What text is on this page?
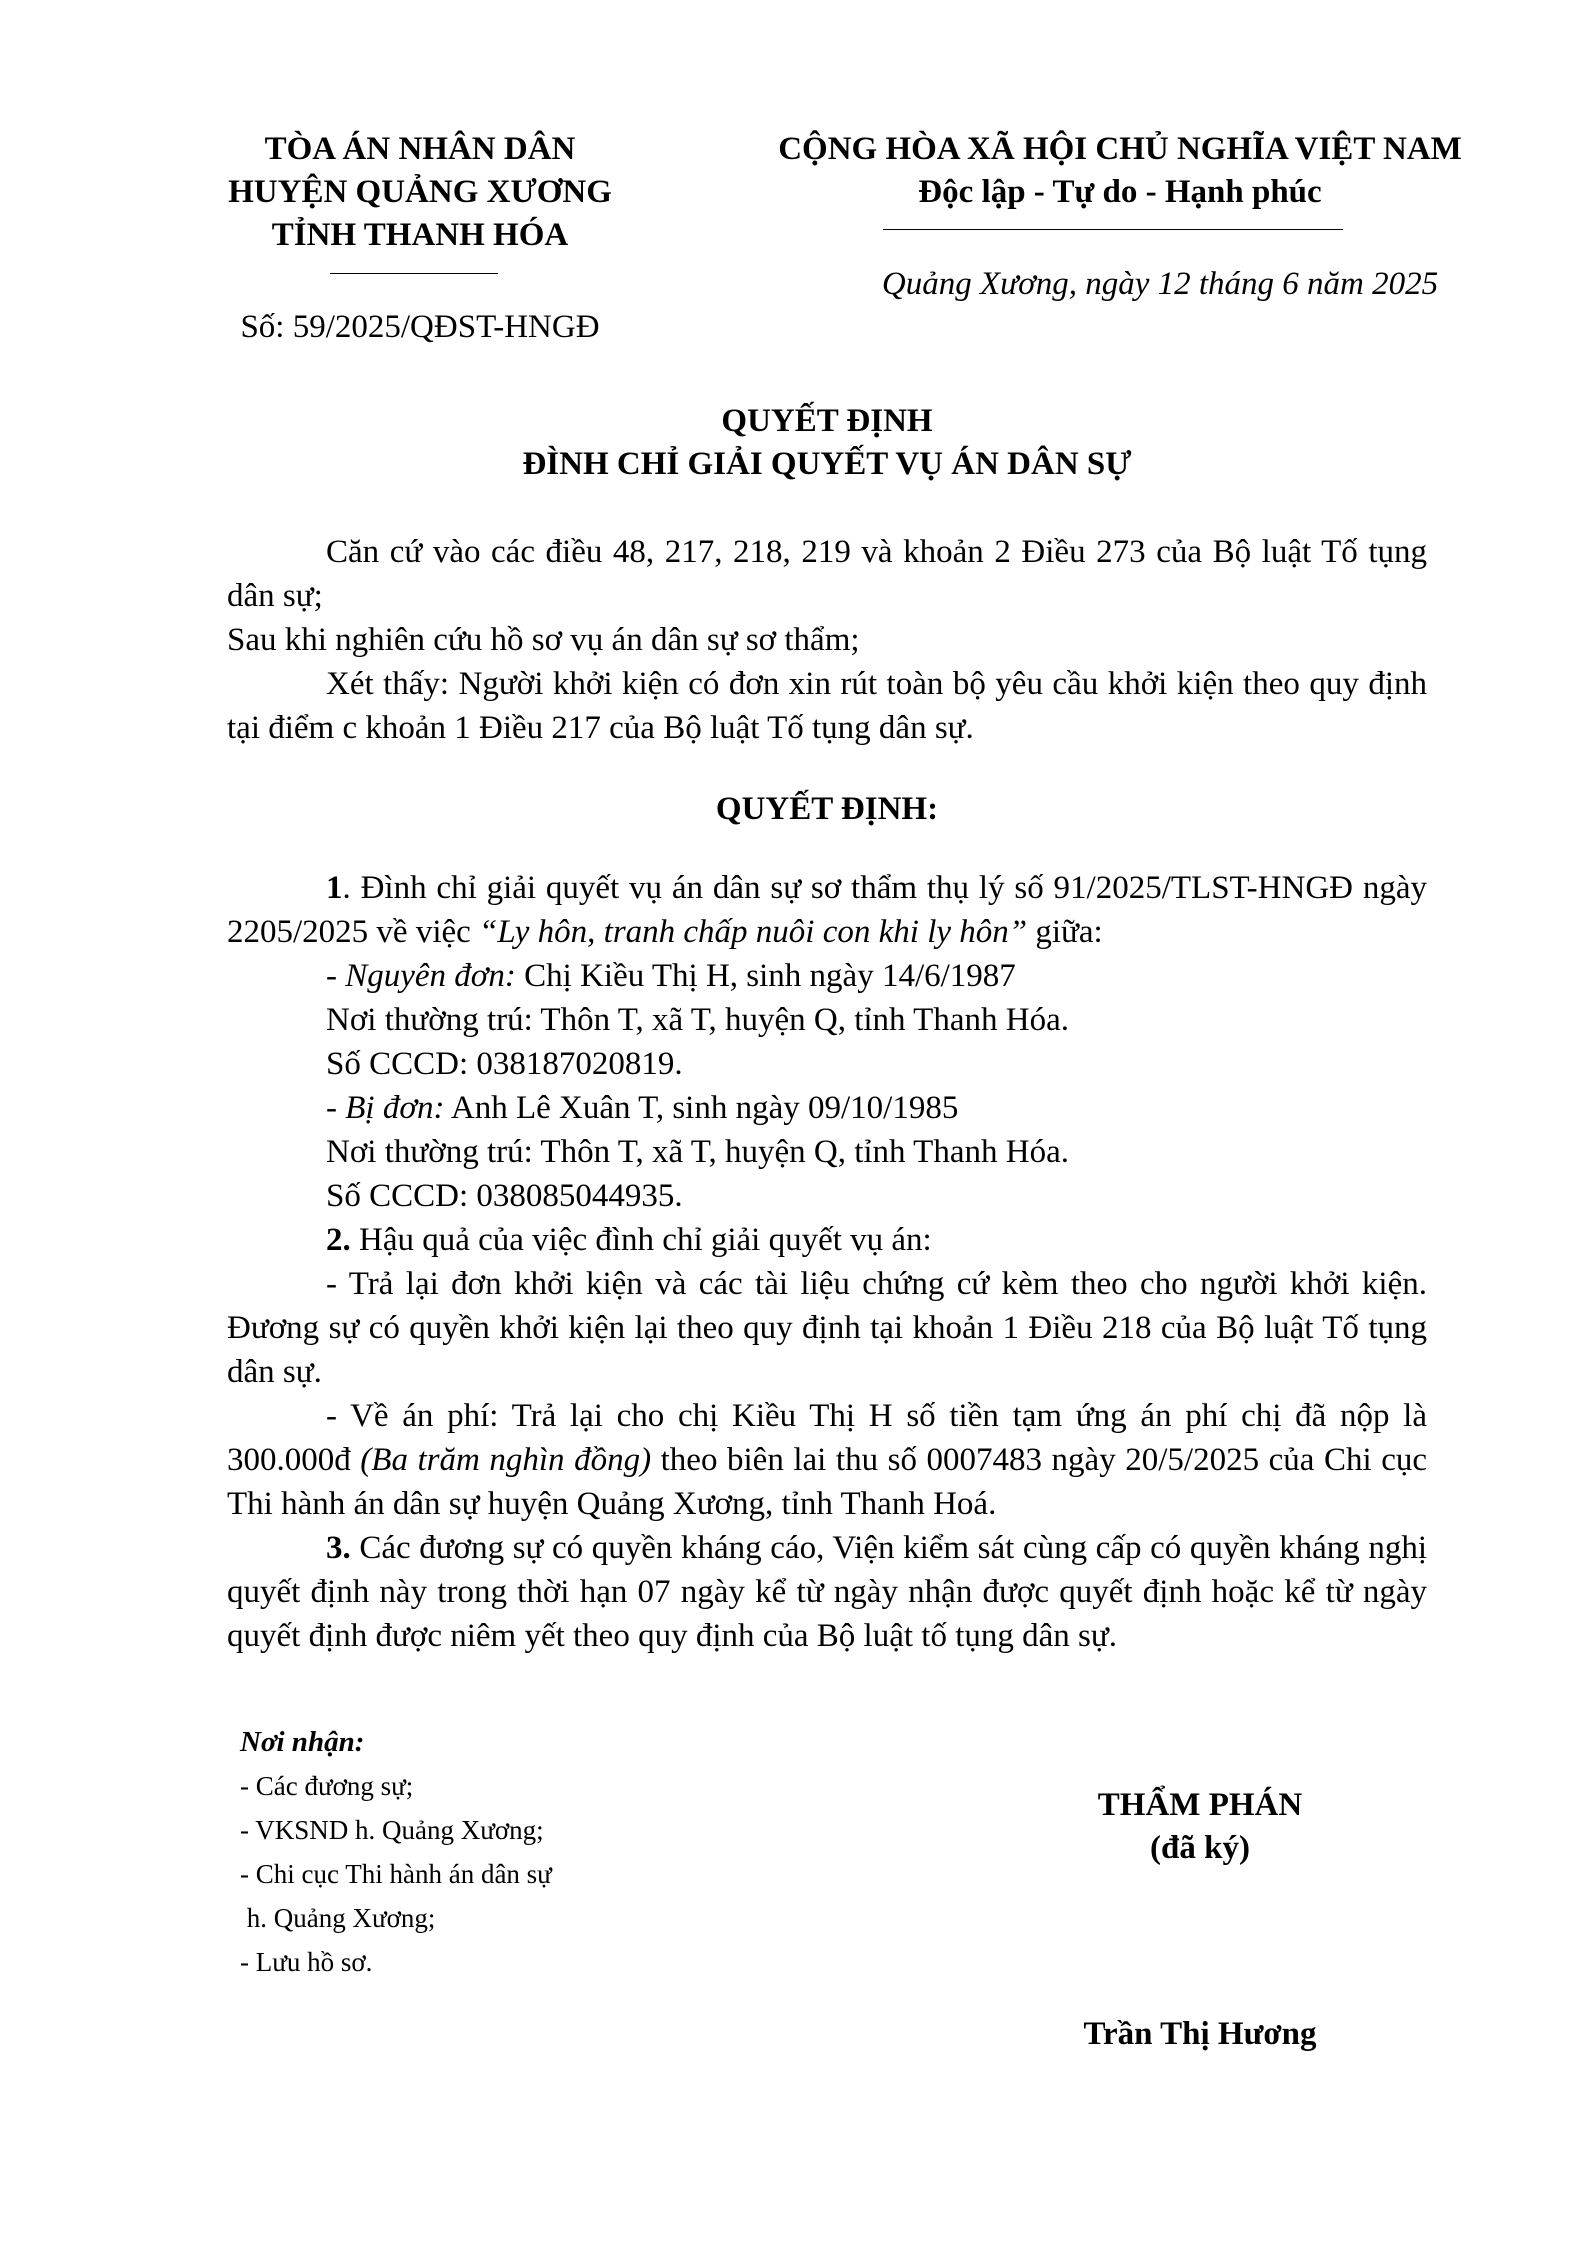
TÒA ÁN NHÂN DÂN
HUYỆN QUẢNG XƯƠNG
TỈNH THANH HÓA
Số: 59/2025/QĐST-HNGĐ
CỘNG HÒA XÃ HỘI CHỦ NGHĨA VIỆT NAM
Độc lập - Tự do - Hạnh phúc
Quảng Xương, ngày 12 tháng 6 năm 2025
QUYẾT ĐỊNH
ĐÌNH CHỈ GIẢI QUYẾT VỤ ÁN DÂN SỰ
Căn cứ vào các điều 48, 217, 218, 219 và khoản 2 Điều 273 của Bộ luật Tố tụng dân sự;
Sau khi nghiên cứu hồ sơ vụ án dân sự sơ thẩm;
Xét thấy: Người khởi kiện có đơn xin rút toàn bộ yêu cầu khởi kiện theo quy định tại điểm c khoản 1 Điều 217 của Bộ luật Tố tụng dân sự.
QUYẾT ĐỊNH:
1. Đình chỉ giải quyết vụ án dân sự sơ thẩm thụ lý số 91/2025/TLST-HNGĐ ngày 2205/2025 về việc “Ly hôn, tranh chấp nuôi con khi ly hôn” giữa:
- Nguyên đơn: Chị Kiều Thị H, sinh ngày 14/6/1987
Nơi thường trú: Thôn T, xã T, huyện Q, tỉnh Thanh Hóa.
Số CCCD: 038187020819.
- Bị đơn: Anh Lê Xuân T, sinh ngày 09/10/1985
Nơi thường trú: Thôn T, xã T, huyện Q, tỉnh Thanh Hóa.
Số CCCD: 038085044935.
2. Hậu quả của việc đình chỉ giải quyết vụ án:
- Trả lại đơn khởi kiện và các tài liệu chứng cứ kèm theo cho người khởi kiện. Đương sự có quyền khởi kiện lại theo quy định tại khoản 1 Điều 218 của Bộ luật Tố tụng dân sự.
- Về án phí: Trả lại cho chị Kiều Thị H số tiền tạm ứng án phí chị đã nộp là 300.000đ (Ba trăm nghìn đồng) theo biên lai thu số 0007483 ngày 20/5/2025 của Chi cục Thi hành án dân sự huyện Quảng Xương, tỉnh Thanh Hoá.
3. Các đương sự có quyền kháng cáo, Viện kiểm sát cùng cấp có quyền kháng nghị quyết định này trong thời hạn 07 ngày kể từ ngày nhận được quyết định hoặc kể từ ngày quyết định được niêm yết theo quy định của Bộ luật tố tụng dân sự.
Nơi nhận:
- Các đương sự;
- VKSND h. Quảng Xương;
- Chi cục Thi hành án dân sự
h. Quảng Xương;
- Lưu hồ sơ.
THẨM PHÁN
(đã ký)
Trần Thị Hương
